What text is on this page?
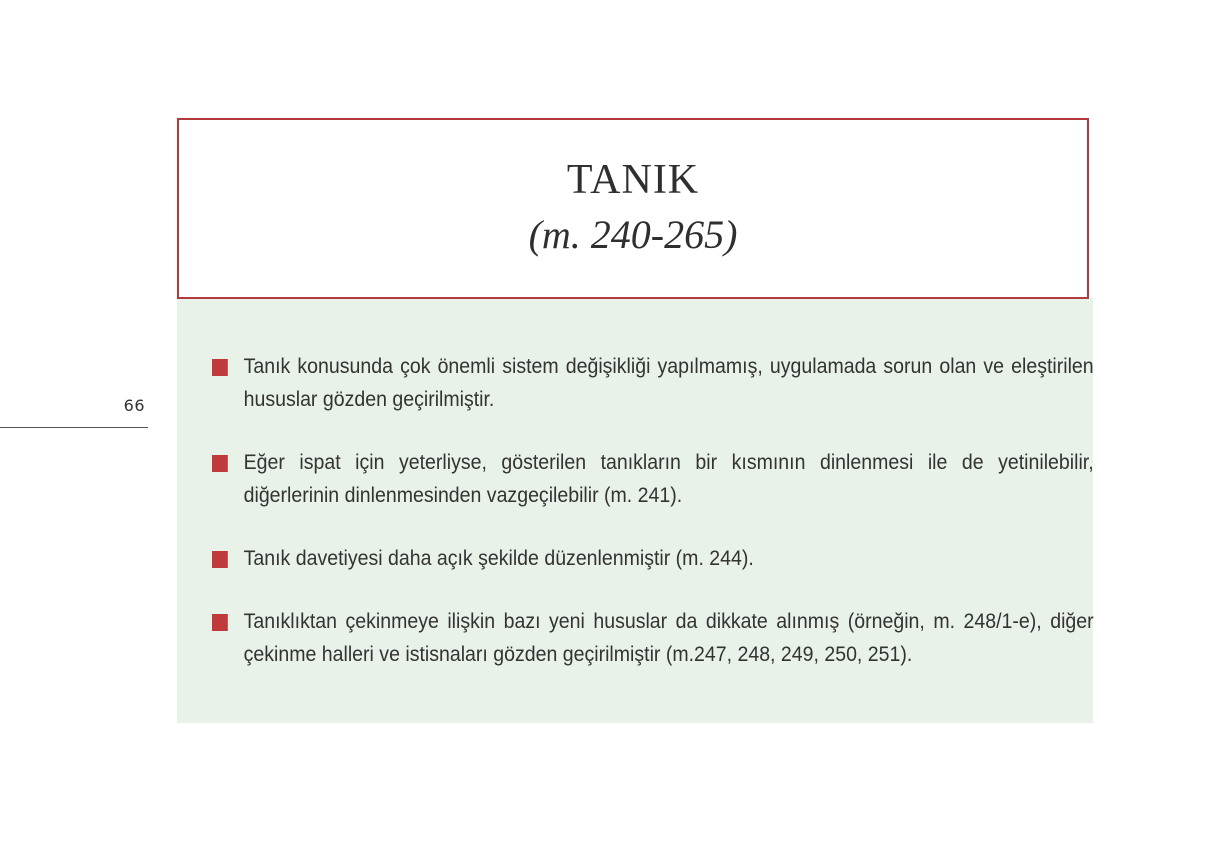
66
TANIK
(m. 240-265)
Tanık konusunda çok önemli sistem değişikliği yapılmamış, uygulamada sorun olan ve eleştirilen hususlar gözden geçirilmiştir.
Eğer ispat için yeterliyse, gösterilen tanıkların bir kısmının dinlenmesi ile de yetinilebilir, diğerlerinin dinlenmesinden vazgeçilebilir (m. 241).
Tanık davetiyesi daha açık şekilde düzenlenmiştir (m. 244).
Tanıklıktan çekinmeye ilişkin bazı yeni hususlar da dikkate alınmış (örneğin, m. 248/1-e), diğer çekinme halleri ve istisnaları gözden geçirilmiştir (m.247, 248, 249, 250, 251).
